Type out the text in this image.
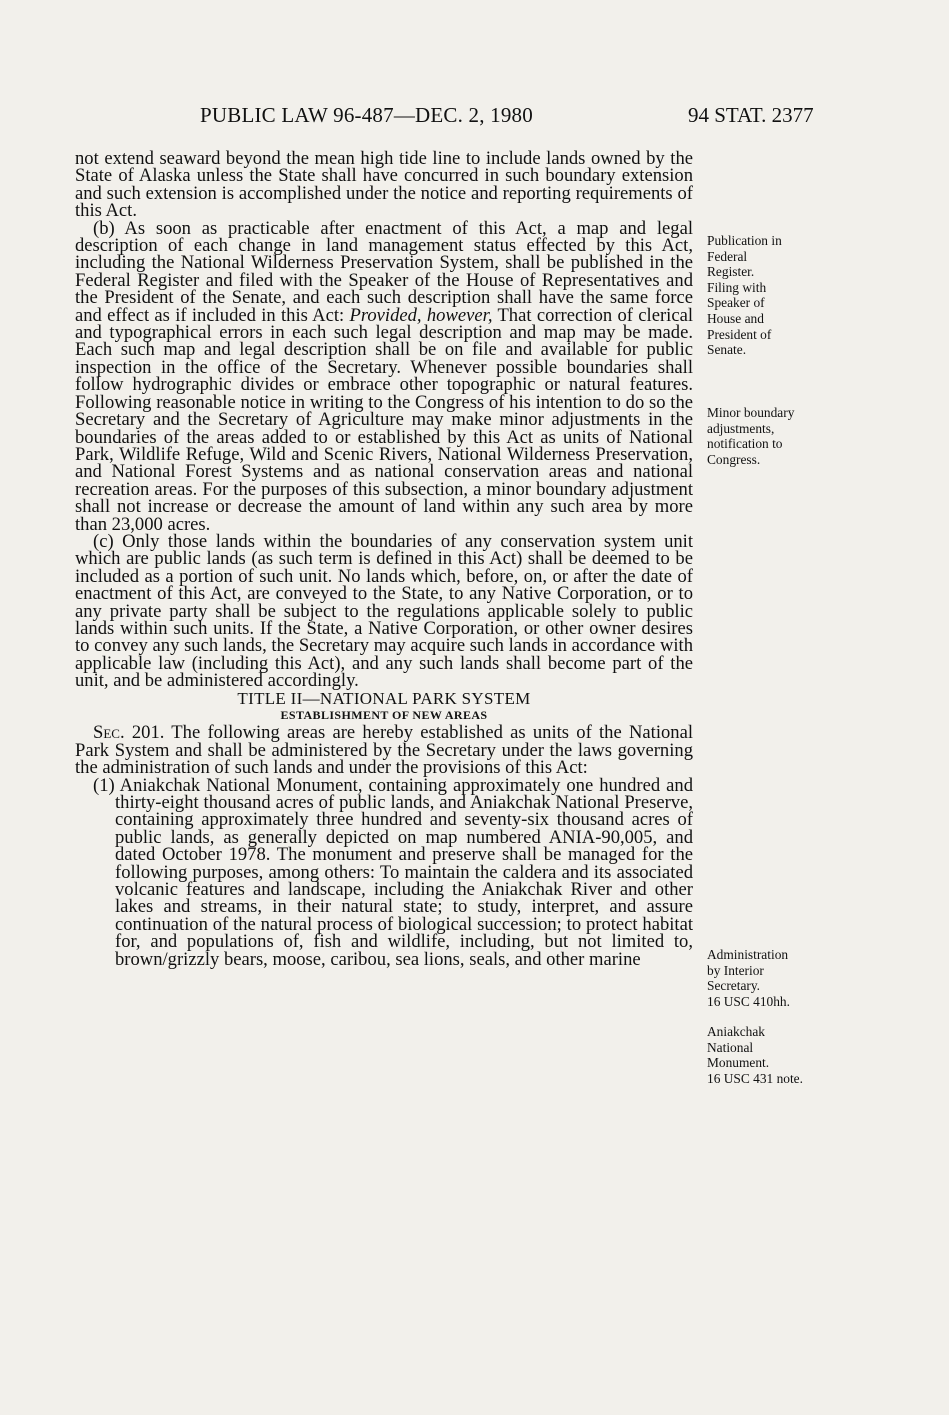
PUBLIC LAW 96-487—DEC. 2, 1980	94 STAT. 2377

not extend seaward beyond the mean high tide line to include lands owned by the State of Alaska unless the State shall have concurred in such boundary extension and such extension is accomplished under the notice and reporting requirements of this Act.

(b) As soon as practicable after enactment of this Act, a map and legal description of each change in land management status effected by this Act, including the National Wilderness Preservation System, shall be published in the Federal Register and filed with the Speaker of the House of Representatives and the President of the Senate, and each such description shall have the same force and effect as if included in this Act: Provided, however, That correction of clerical and typographical errors in each such legal description and map may be made. Each such map and legal description shall be on file and available for public inspection in the office of the Secretary. Whenever possible boundaries shall follow hydrographic divides or embrace other topographic or natural features. Following reasonable notice in writing to the Congress of his intention to do so the Secretary and the Secretary of Agriculture may make minor adjustments in the boundaries of the areas added to or established by this Act as units of National Park, Wildlife Refuge, Wild and Scenic Rivers, National Wilderness Preservation, and National Forest Systems and as national conservation areas and national recreation areas. For the purposes of this subsection, a minor boundary adjustment shall not increase or decrease the amount of land within any such area by more than 23,000 acres.

(c) Only those lands within the boundaries of any conservation system unit which are public lands (as such term is defined in this Act) shall be deemed to be included as a portion of such unit. No lands which, before, on, or after the date of enactment of this Act, are conveyed to the State, to any Native Corporation, or to any private party shall be subject to the regulations applicable solely to public lands within such units. If the State, a Native Corporation, or other owner desires to convey any such lands, the Secretary may acquire such lands in accordance with applicable law (including this Act), and any such lands shall become part of the unit, and be administered accordingly.

TITLE II—NATIONAL PARK SYSTEM

ESTABLISHMENT OF NEW AREAS

Sec. 201. The following areas are hereby established as units of the National Park System and shall be administered by the Secretary under the laws governing the administration of such lands and under the provisions of this Act:

(1) Aniakchak National Monument, containing approximately one hundred and thirty-eight thousand acres of public lands, and Aniakchak National Preserve, containing approximately three hundred and seventy-six thousand acres of public lands, as generally depicted on map numbered ANIA-90,005, and dated October 1978. The monument and preserve shall be managed for the following purposes, among others: To maintain the caldera and its associated volcanic features and landscape, including the Aniakchak River and other lakes and streams, in their natural state; to study, interpret, and assure continuation of the natural process of biological succession; to protect habitat for, and populations of, fish and wildlife, including, but not limited to, brown/grizzly bears, moose, caribou, sea lions, seals, and other marine

Publication in
Federal
Register.
Filing with
Speaker of
House and
President of
Senate.
Minor boundary
adjustments,
notification to
Congress.
Administration
by Interior
Secretary.
16 USC 410hh.
Aniakchak
National
Monument.
16 USC 431 note.
